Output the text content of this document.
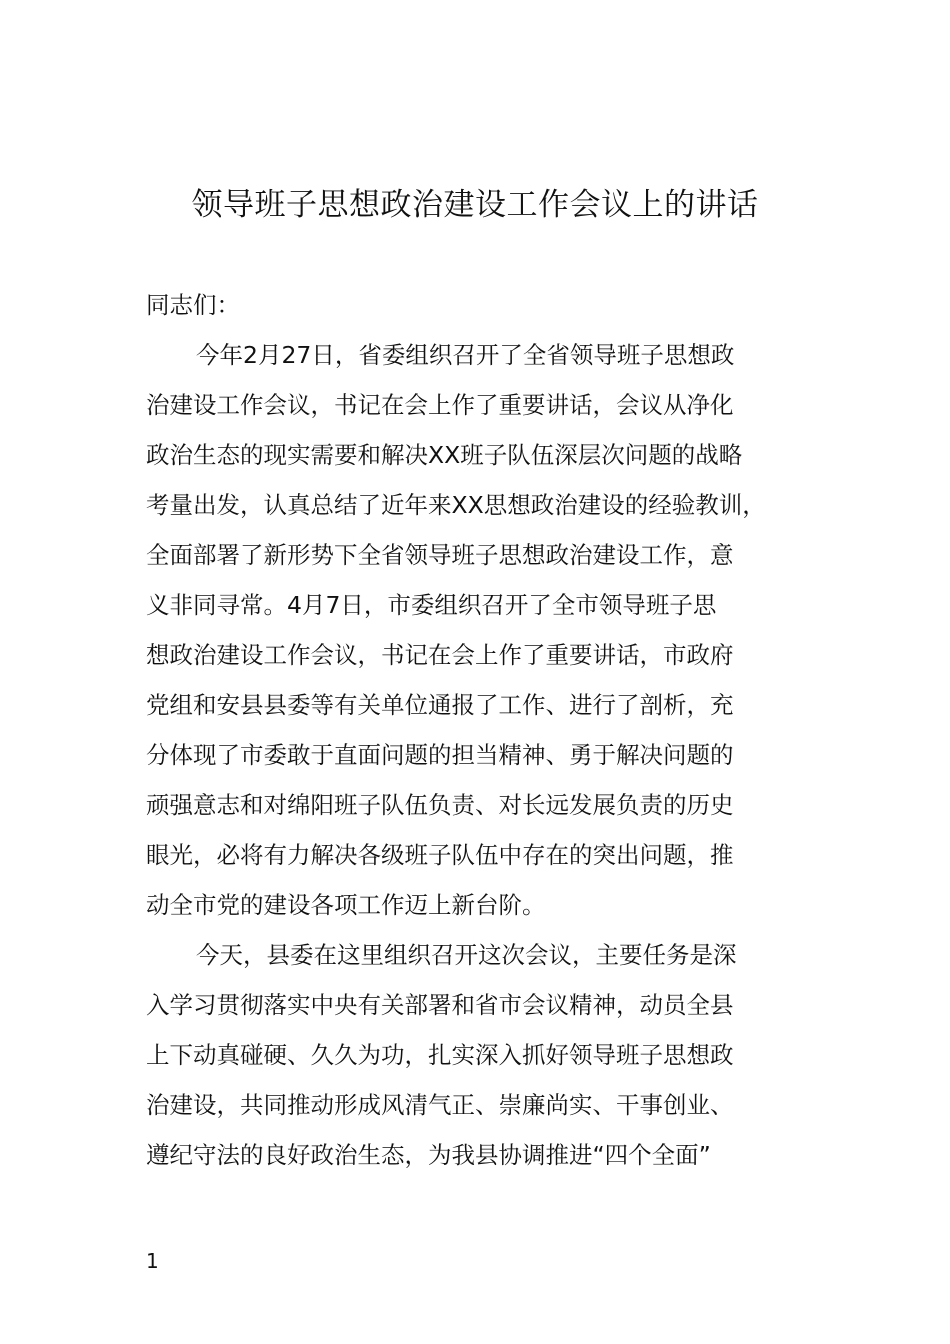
领导班子思想政治建设工作会议上的讲话
同志们：
今年2月27日，省委组织召开了全省领导班子思想政
治建设工作会议，书记在会上作了重要讲话，会议从净化
政治生态的现实需要和解决XX班子队伍深层次问题的战略
考量出发，认真总结了近年来XX思想政治建设的经验教训，
全面部署了新形势下全省领导班子思想政治建设工作，意
义非同寻常。4月7日，市委组织召开了全市领导班子思
想政治建设工作会议，书记在会上作了重要讲话，市政府
党组和安县县委等有关单位通报了工作、进行了剖析，充
分体现了市委敢于直面问题的担当精神、勇于解决问题的
顽强意志和对绵阳班子队伍负责、对长远发展负责的历史
眼光，必将有力解决各级班子队伍中存在的突出问题，推
动全市党的建设各项工作迈上新台阶。
今天，县委在这里组织召开这次会议，主要任务是深
入学习贯彻落实中央有关部署和省市会议精神，动员全县
上下动真碰硬、久久为功，扎实深入抓好领导班子思想政
治建设，共同推动形成风清气正、崇廉尚实、干事创业、
遵纪守法的良好政治生态，为我县协调推进“四个全面”
1
